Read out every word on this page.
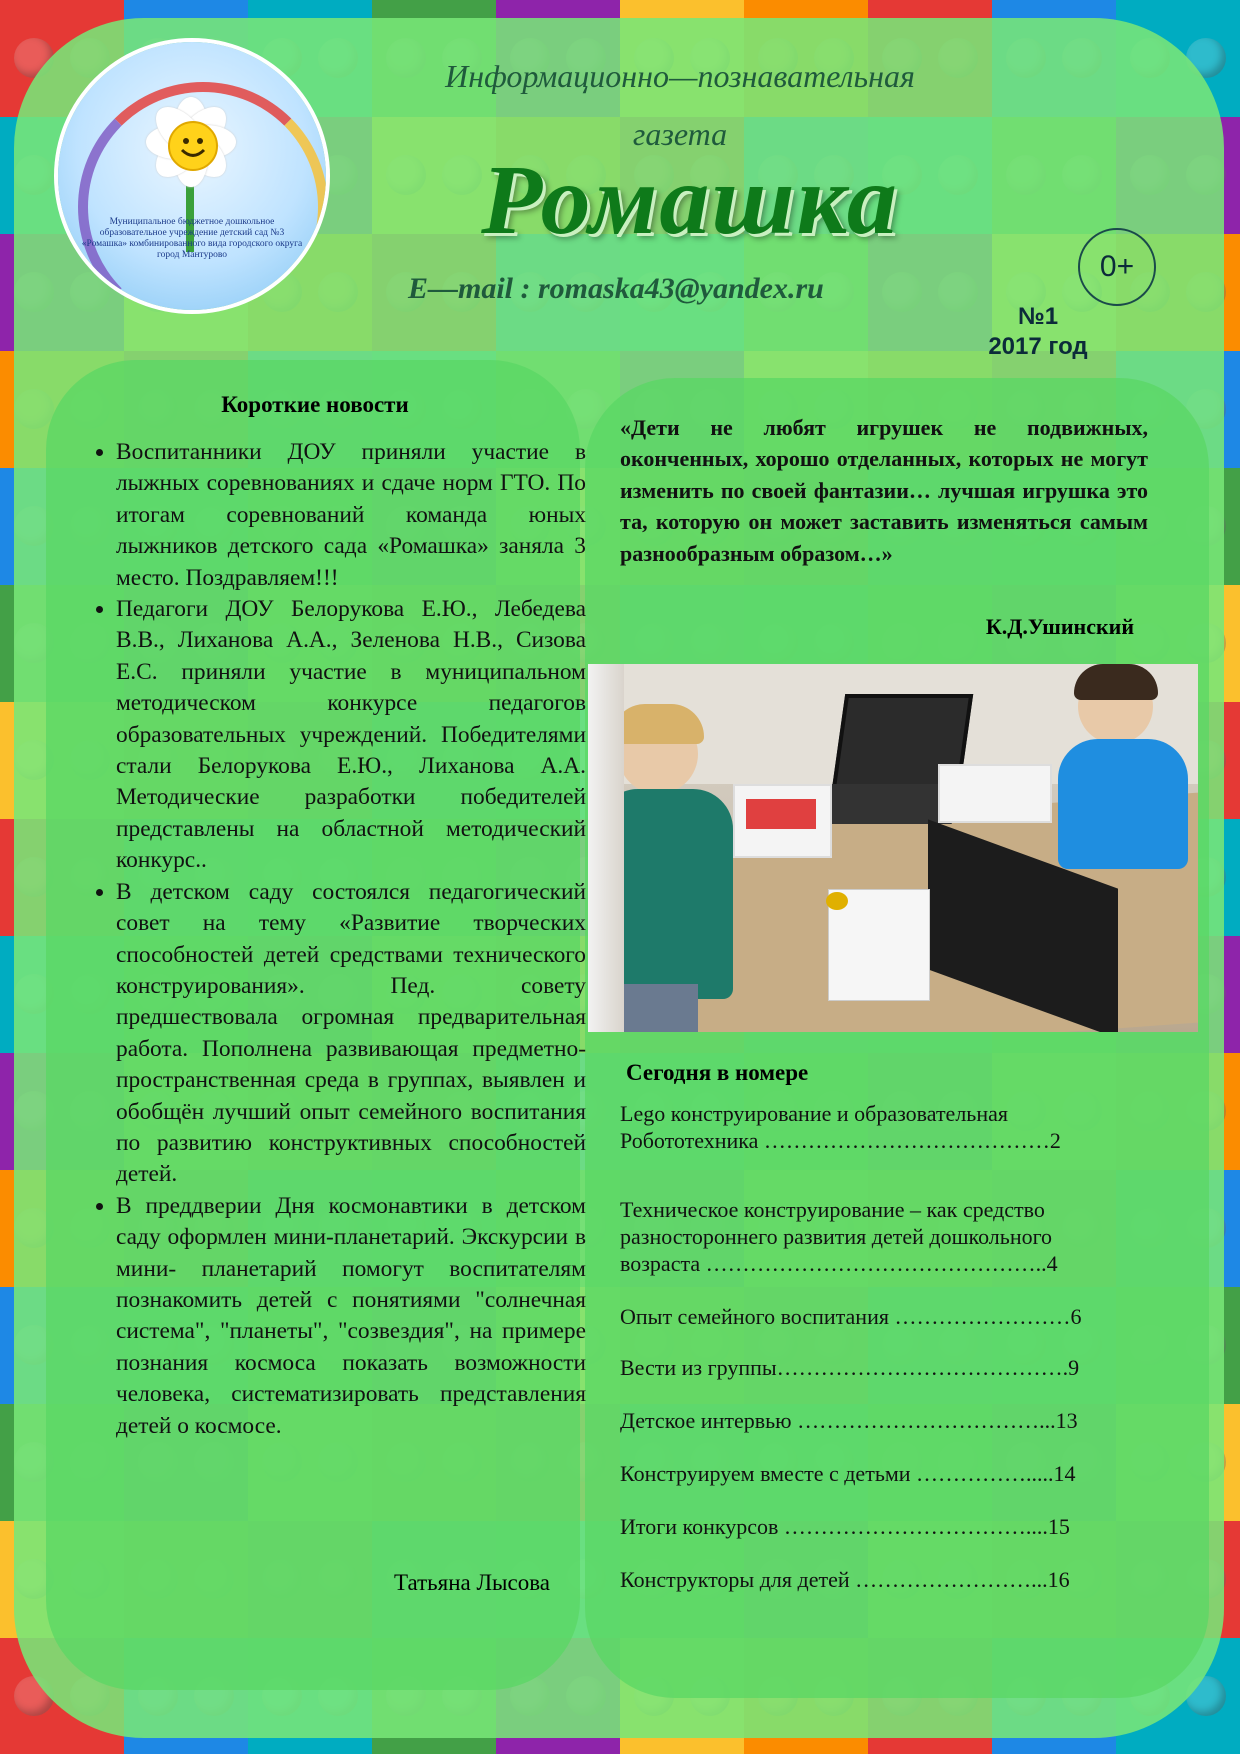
Муниципальное бюджетное дошкольное образовательное учреждение детский сад №3 «Ромашка» комбинированного вида городского округа город Мантурово
Информационно—познавательная
газета
Ромашка
E—mail : romaska43@yandex.ru
0+
№1
2017 год
Короткие новости
• Воспитанники ДОУ приняли участие в лыжных соревнованиях и сдаче норм ГТО. По итогам соревнований команда юных лыжников детского сада «Ромашка» заняла 3 место. Поздравляем!!!
• Педагоги ДОУ Белорукова Е.Ю., Лебедева В.В., Лиханова А.А., Зеленова Н.В., Сизова Е.С. приняли участие в муниципальном методическом конкурсе педагогов образовательных учреждений. Победителями стали Белорукова Е.Ю., Лиханова А.А. Методические разработки победителей представлены на областной методический конкурс..
• В детском саду состоялся педагогический совет на тему «Развитие творческих способностей детей средствами технического конструирования». Пед. совету предшествовала огромная предварительная работа. Пополнена развивающая предметно-пространственная среда в группах, выявлен и обобщён лучший опыт семейного воспитания по развитию конструктивных способностей детей.
• В преддверии Дня космонавтики в детском саду оформлен мини-планетарий. Экскурсии в мини- планетарий помогут воспитателям познакомить детей с понятиями "солнечная система", "планеты", "созвездия", на примере познания космоса показать возможности человека, систематизировать представления детей о космосе.
Татьяна Лысова
«Дети не любят игрушек не подвижных, оконченных, хорошо отделанных, которых не могут изменить по своей фантазии… лучшая игрушка это та, которую он может заставить изменяться самым разнообразным образом…»
К.Д.Ушинский
Сегодня в номере
Lego конструирование и образовательная
Робототехника …………………………………2
Техническое конструирование – как средство
разностороннего развития детей дошкольного
возраста ………………………………………..4
Опыт семейного воспитания ……………………6
Вести из группы………………………………….9
Детское интервью ……………………………...13
Конструируем вместе с детьми …………….....14
Итоги конкурсов ……………………………....15
Конструкторы для детей ……………………...16
